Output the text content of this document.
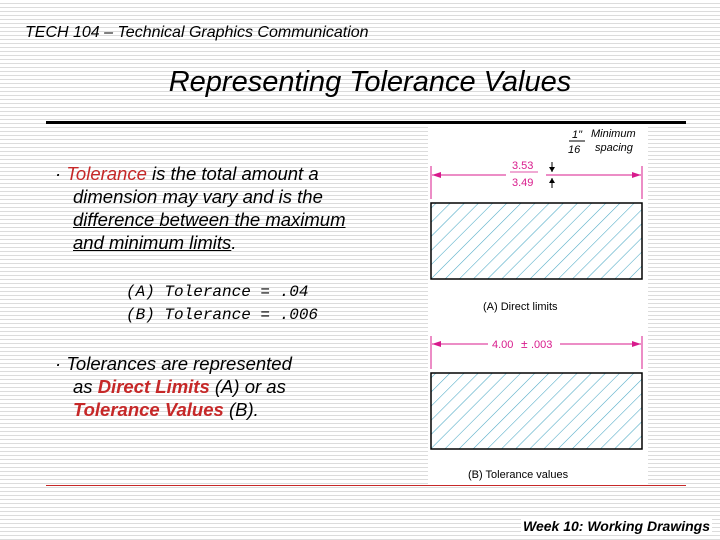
TECH 104 – Technical Graphics Communication
Representing Tolerance Values
· Tolerance is the total amount a
dimension may vary and is the
difference between the maximum
and minimum limits.
(A) Tolerance = .04
(B) Tolerance = .006
· Tolerances are represented
as Direct Limits (A) or as
Tolerance Values (B).
1"
16
Minimum
spacing
3.53
3.49
(A) Direct limits
4.00 ± .003
(B) Tolerance values
Week 10: Working Drawings
